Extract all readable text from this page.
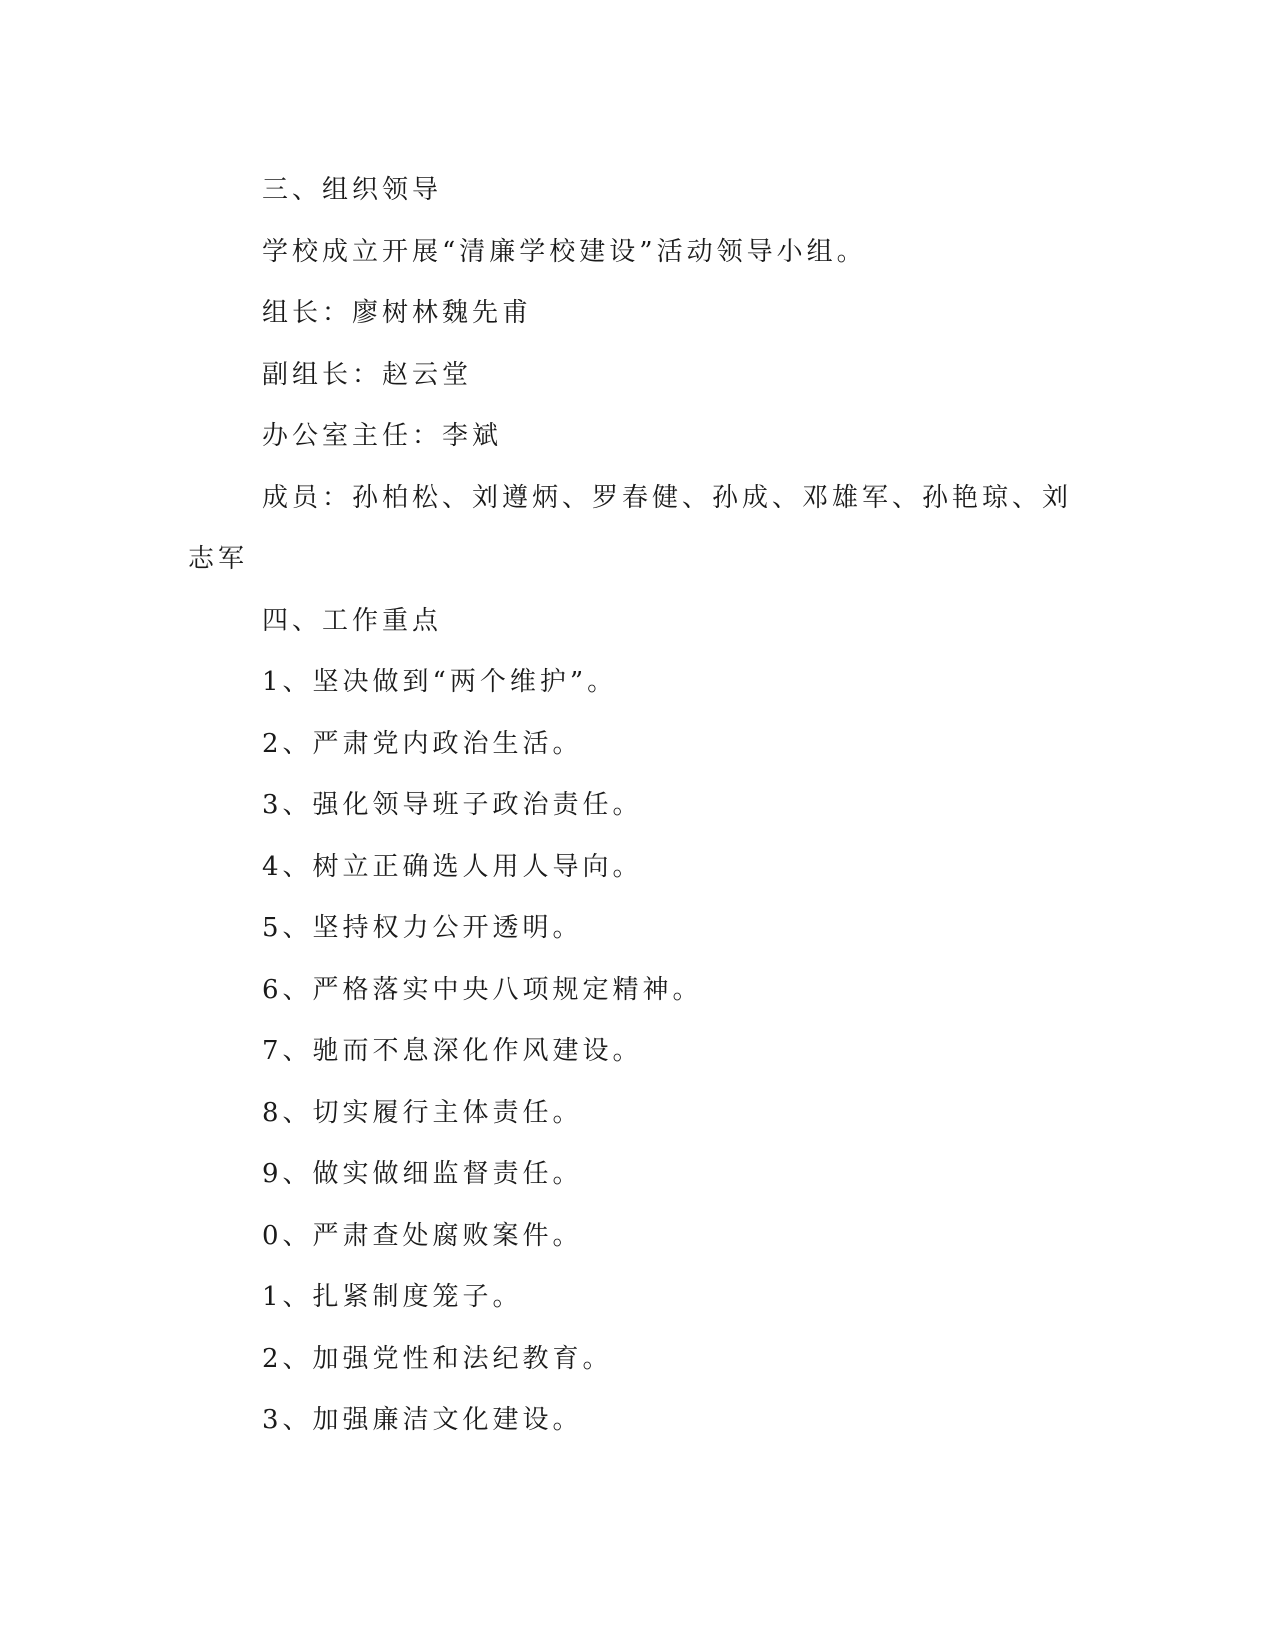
三、组织领导
学校成立开展“清廉学校建设”活动领导小组。
组长：廖树林魏先甫
副组长：赵云堂
办公室主任：李斌
成员：孙柏松、刘遵炳、罗春健、孙成、邓雄军、孙艳琼、刘志军
四、工作重点
1、坚决做到“两个维护”。
2、严肃党内政治生活。
3、强化领导班子政治责任。
4、树立正确选人用人导向。
5、坚持权力公开透明。
6、严格落实中央八项规定精神。
7、驰而不息深化作风建设。
8、切实履行主体责任。
9、做实做细监督责任。
0、严肃查处腐败案件。
1、扎紧制度笼子。
2、加强党性和法纪教育。
3、加强廉洁文化建设。
